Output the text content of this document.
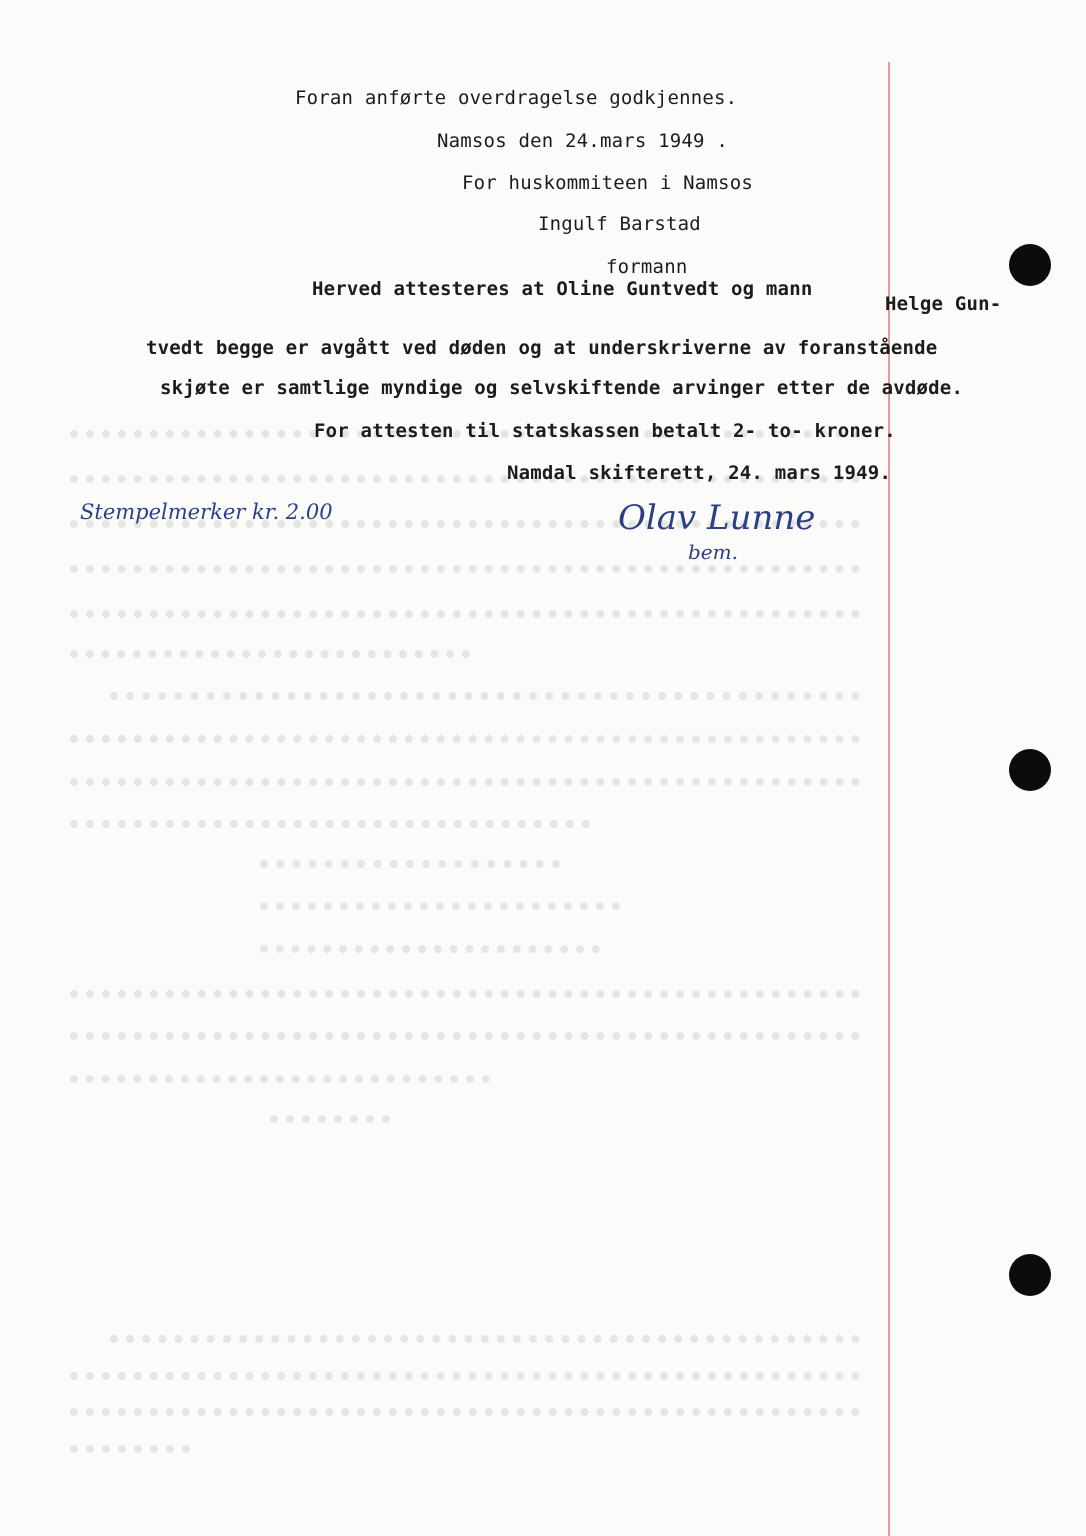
Foran anførte overdragelse godkjennes.
Namsos den 24.mars 1949 .
For huskommiteen i Namsos
Ingulf Barstad
formann
Herved attesteres at Oline Guntvedt og mann
Helge Gun-
tvedt begge er avgått ved døden og at underskriverne av foranstående
skjøte er samtlige myndige og selvskiftende arvinger etter de avdøde.
For attesten til statskassen betalt 2- to- kroner.
Namdal skifterett, 24. mars 1949.
Stempelmerker kr. 2.00	Olav Lunne
bem.
